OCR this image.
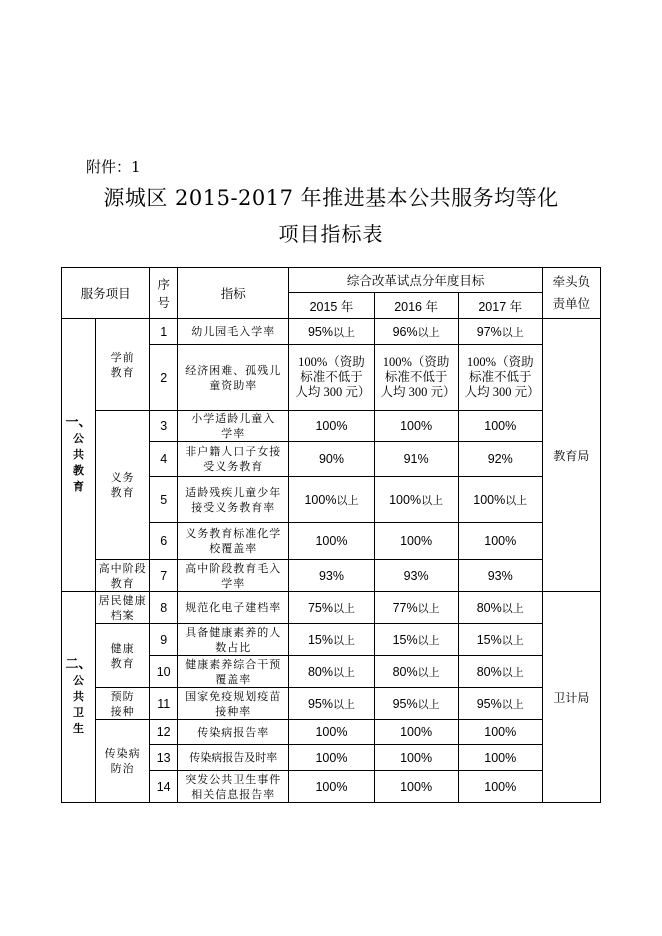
附件：1
源城区 2015-2017 年推进基本公共服务均等化
项目指标表
服务项目		序号	指标	综合改革试点分年度目标			牵头负责单位
				2015 年	2016 年	2017 年	

一、
公共教育	学前教育	1	幼儿园毛入学率	95%以上	96%以上	97%以上	教育局
		2	经济困难、孤残儿童资助率	100%（资助标准不低于人均 300 元）	100%（资助标准不低于人均 300 元）	100%（资助标准不低于人均 300 元）	
	义务教育	3	小学适龄儿童入学率	100%	100%	100%	
		4	非户籍人口子女接受义务教育	90%	91%	92%	
		5	适龄残疾儿童少年接受义务教育率	100%以上	100%以上	100%以上	
		6	义务教育标准化学校覆盖率	100%	100%	100%	
	高中阶段教育	7	高中阶段教育毛入学率	93%	93%	93%	

二、
公共卫生	居民健康档案	8	规范化电子建档率	75%以上	77%以上	80%以上	卫计局
	健康教育	9	具备健康素养的人数占比	15%以上	15%以上	15%以上	
		10	健康素养综合干预覆盖率	80%以上	80%以上	80%以上	
	预防接种	11	国家免疫规划疫苗接种率	95%以上	95%以上	95%以上	
	传染病防治	12	传染病报告率	100%	100%	100%	
		13	传染病报告及时率	100%	100%	100%	
		14	突发公共卫生事件相关信息报告率	100%	100%	100%	
